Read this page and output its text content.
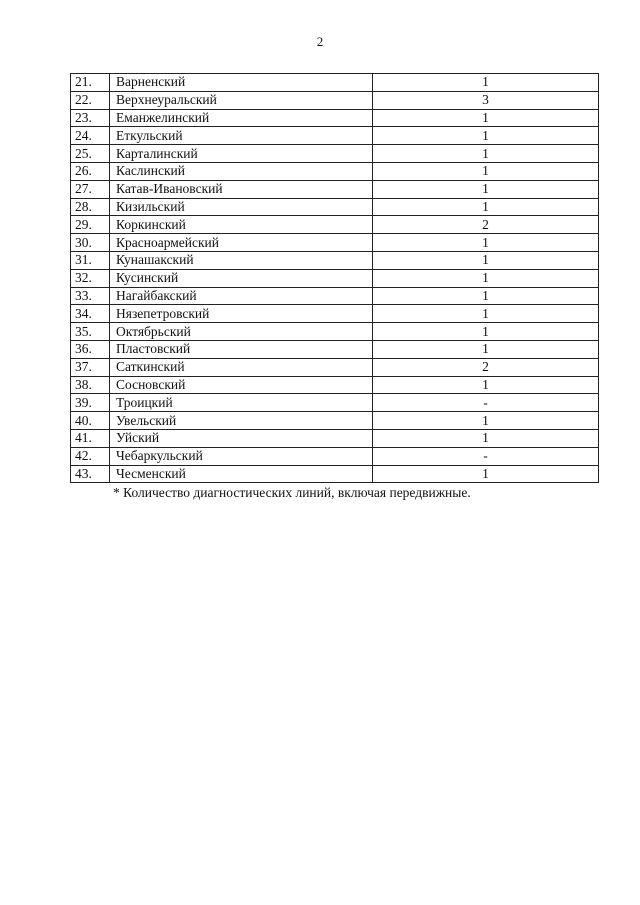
2
21.	Варненский	1
22.	Верхнеуральский	3
23.	Еманжелинский	1
24.	Еткульский	1
25.	Карталинский	1
26.	Каслинский	1
27.	Катав-Ивановский	1
28.	Кизильский	1
29.	Коркинский	2
30.	Красноармейский	1
31.	Кунашакский	1
32.	Кусинский	1
33.	Нагайбакский	1
34.	Нязепетровский	1
35.	Октябрьский	1
36.	Пластовский	1
37.	Саткинский	2
38.	Сосновский	1
39.	Троицкий	-
40.	Увельский	1
41.	Уйский	1
42.	Чебаркульский	-
43.	Чесменский	1
* Количество диагностических линий, включая передвижные.
